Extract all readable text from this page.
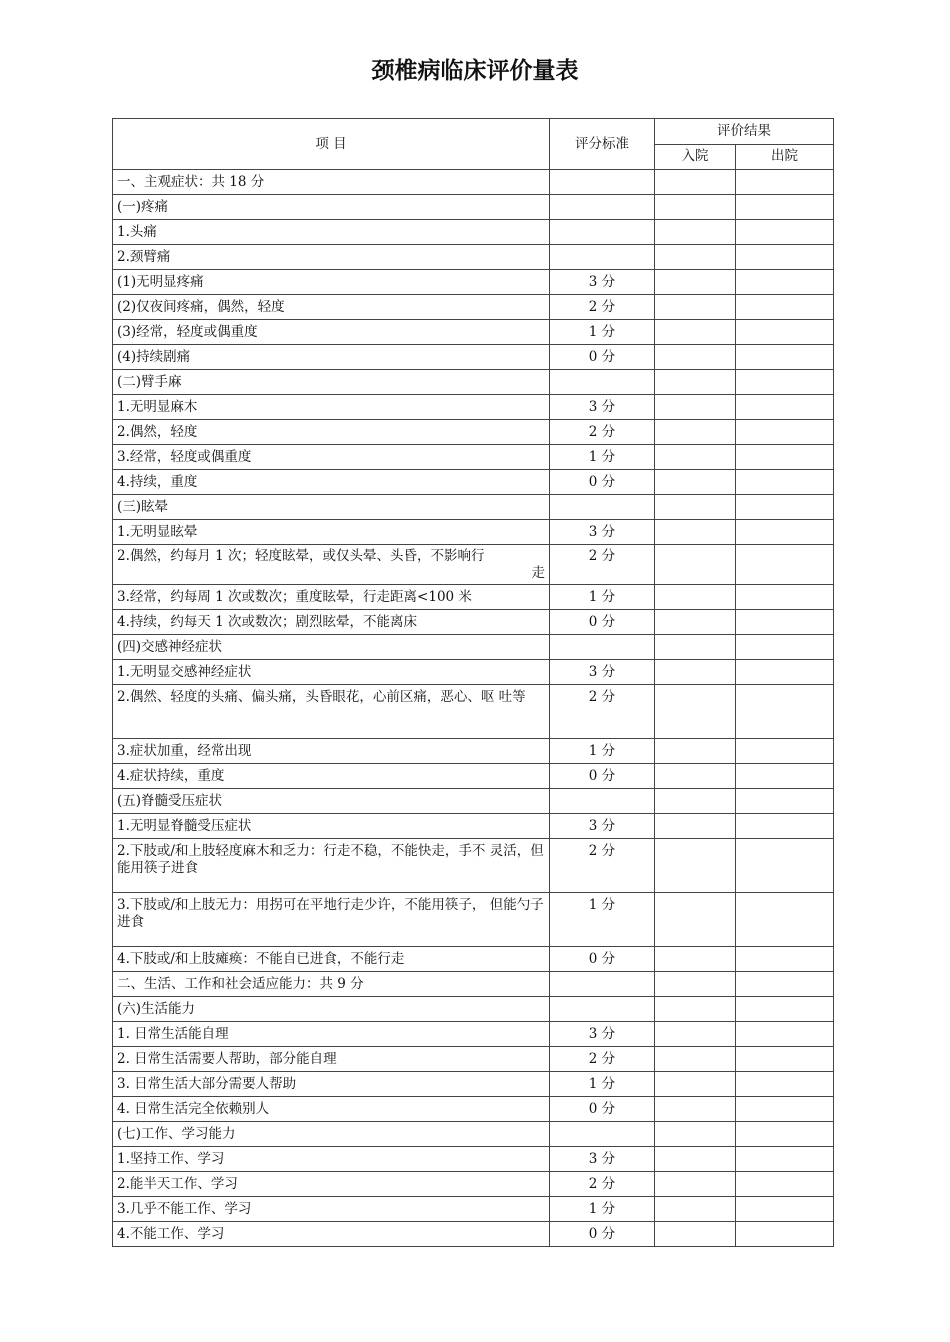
颈椎病临床评价量表
项 目	评分标准	评价结果	
		入院	出院
一、主观症状：共 18 分			
(一)疼痛			
1.头痛			
2.颈臂痛			
(1)无明显疼痛	3 分		
(2)仅夜间疼痛，偶然，轻度	2 分		
(3)经常，轻度或偶重度	1 分		
(4)持续剧痛	0 分		
(二)臂手麻			
1.无明显麻木	3 分		
2.偶然，轻度	2 分		
3.经常，轻度或偶重度	1 分		
4.持续，重度	0 分		
(三)眩晕			
1.无明显眩晕	3 分		

2.偶然，约每月 1 次；轻度眩晕，或仅头晕、头昏，不影响行
走	2 分		
3.经常，约每周 1 次或数次；重度眩晕，行走距离<100 米	1 分		
4.持续，约每天 1 次或数次；剧烈眩晕，不能离床	0 分		
(四)交感神经症状			
1.无明显交感神经症状	3 分		
2.偶然、轻度的头痛、偏头痛，头昏眼花，心前区痛，恶心、呕 吐等	2 分		
3.症状加重，经常出现	1 分		
4.症状持续，重度	0 分		
(五)脊髓受压症状			
1.无明显脊髓受压症状	3 分		
2.下肢或/和上肢轻度麻木和乏力：行走不稳，不能快走，手不 灵活，但能用筷子进食	2 分		
3.下肢或/和上肢无力：用拐可在平地行走少许，不能用筷子， 但能勺子进食	1 分		
4.下肢或/和上肢瘫痪：不能自已进食，不能行走	0 分		
二、生活、工作和社会适应能力：共 9 分			
(六)生活能力			
1. 日常生活能自理	3 分		
2. 日常生活需要人帮助，部分能自理	2 分		
3. 日常生活大部分需要人帮助	1 分		
4. 日常生活完全依赖别人	0 分		
(七)工作、学习能力			
1.坚持工作、学习	3 分		
2.能半天工作、学习	2 分		
3.几乎不能工作、学习	1 分		
4.不能工作、学习	0 分		
